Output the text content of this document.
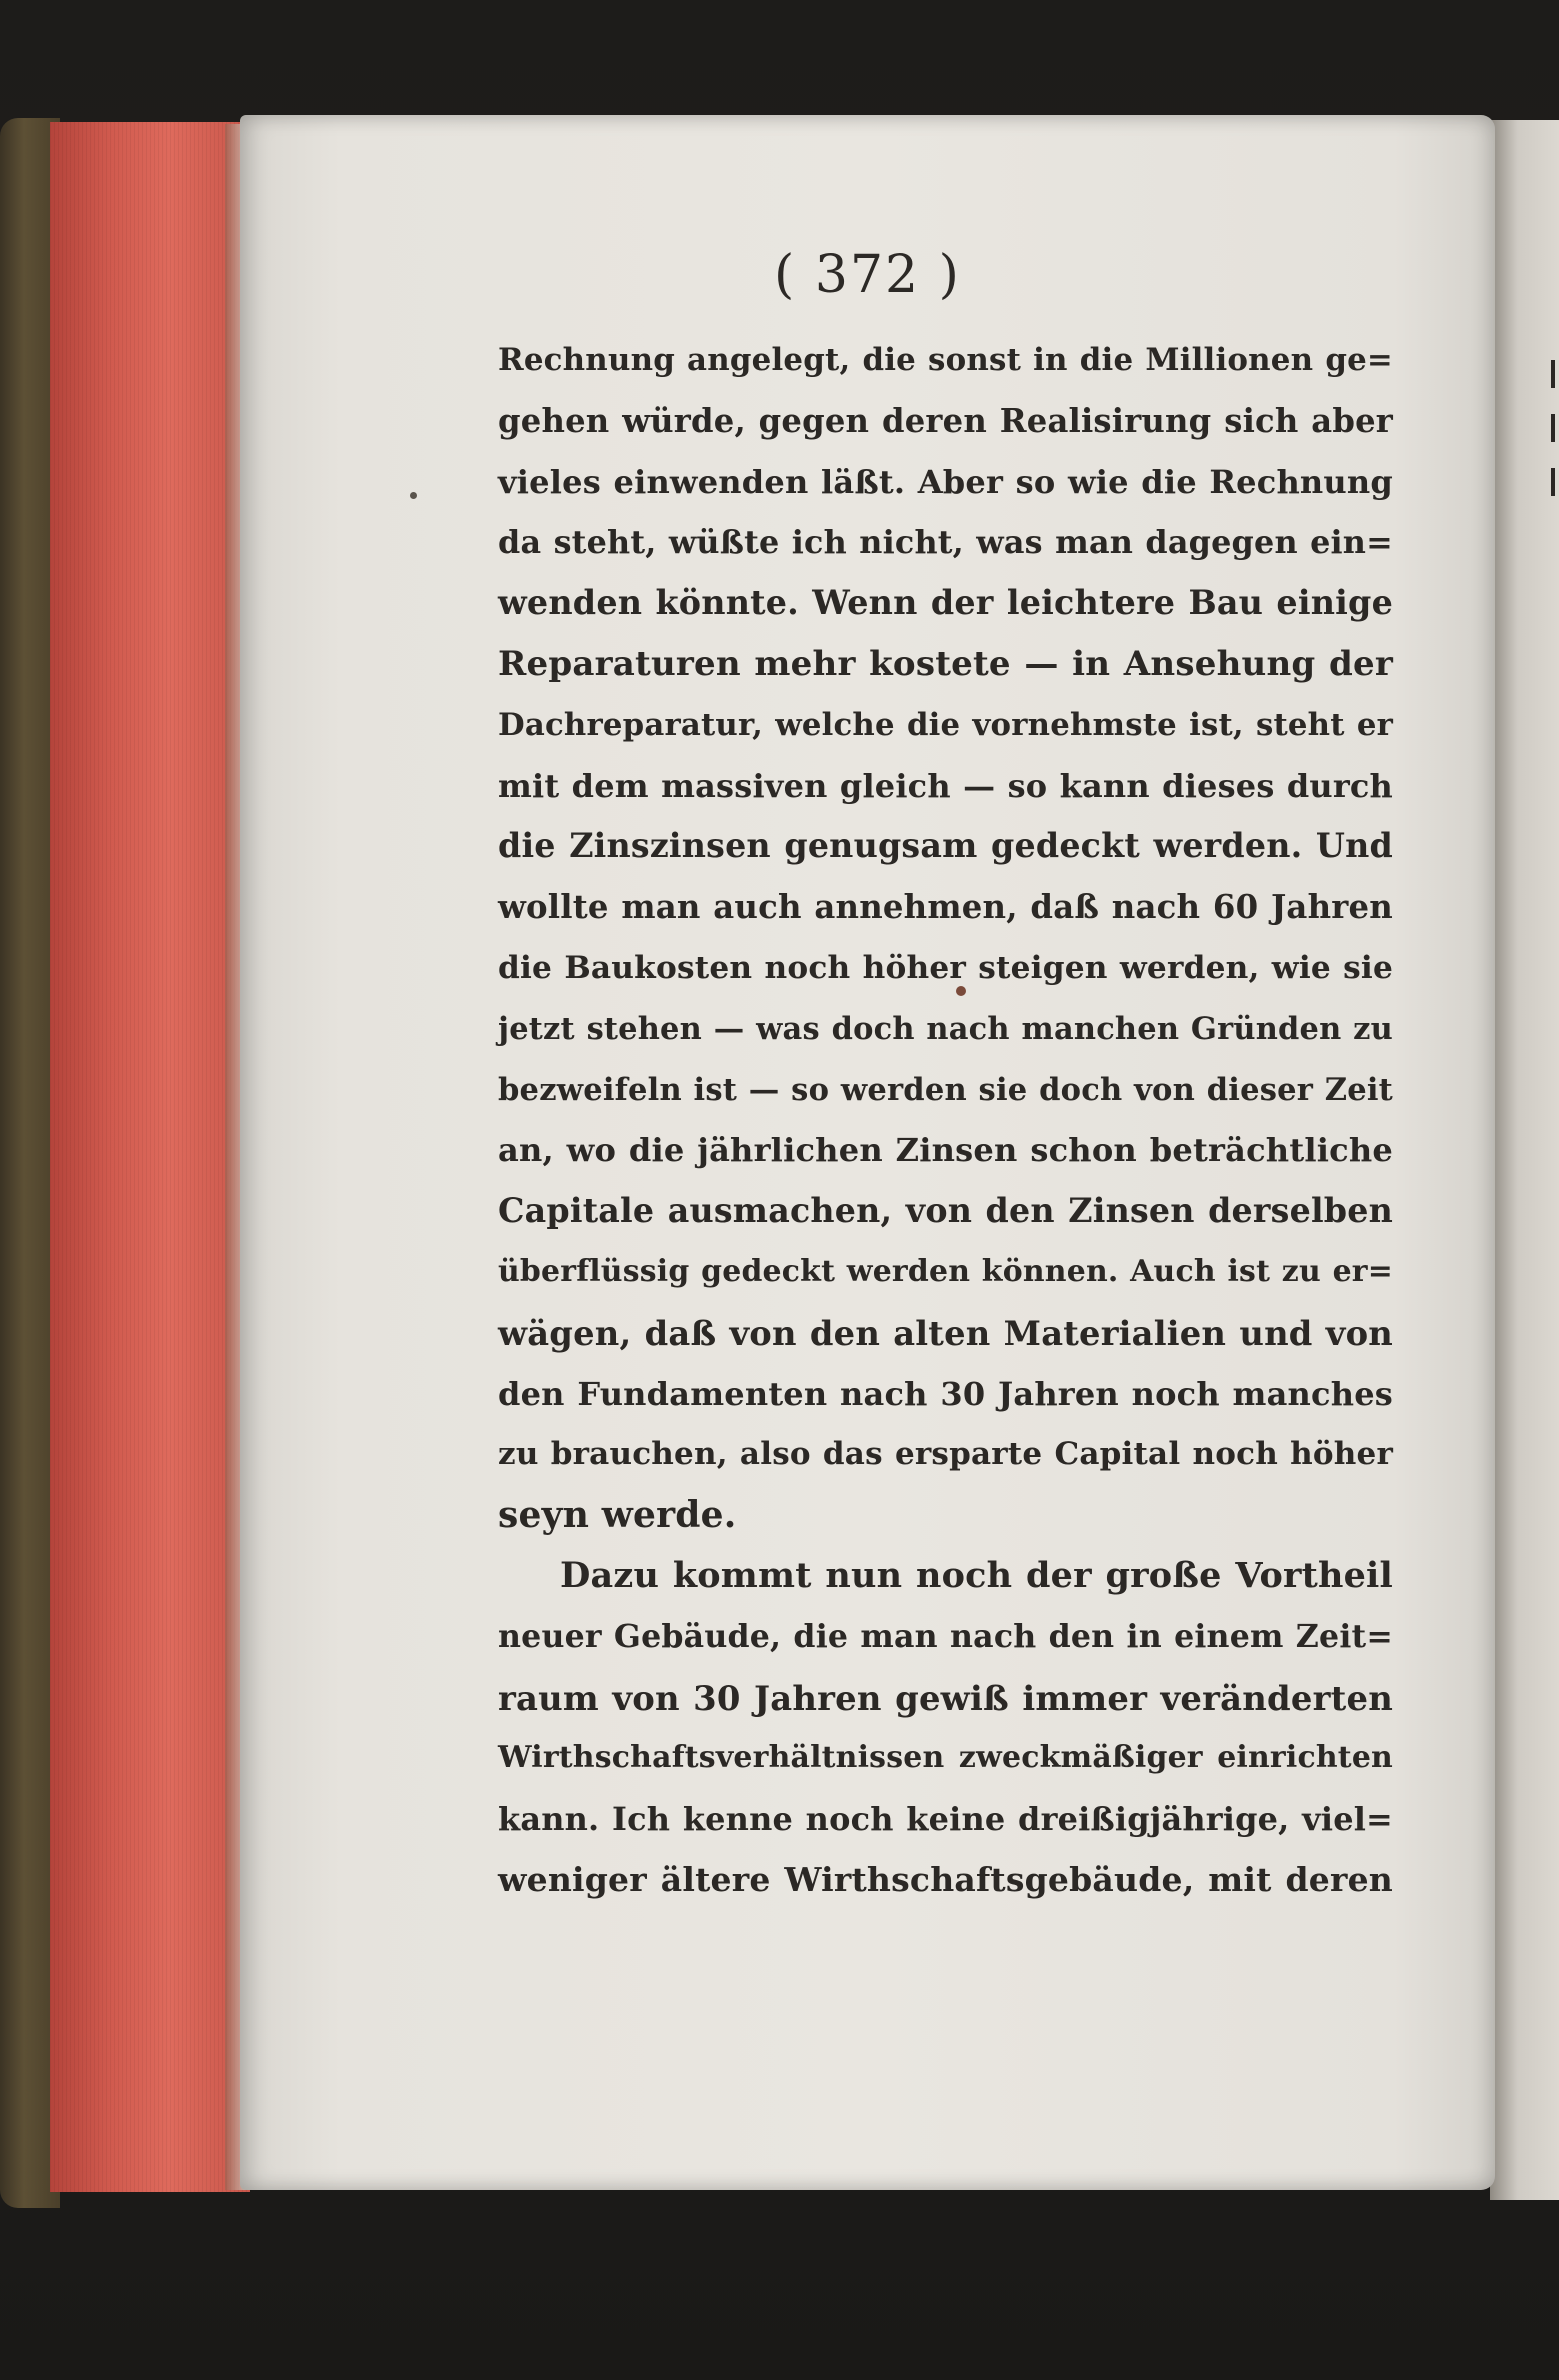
( 372 )
Rechnung angelegt, die sonst in die Millionen ge=
gehen würde, gegen deren Realisirung sich aber
vieles einwenden läßt. Aber so wie die Rechnung
da steht, wüßte ich nicht, was man dagegen ein=
wenden könnte. Wenn der leichtere Bau einige
Reparaturen mehr kostete — in Ansehung der
Dachreparatur, welche die vornehmste ist, steht er
mit dem massiven gleich — so kann dieses durch
die Zinszinsen genugsam gedeckt werden. Und
wollte man auch annehmen, daß nach 60 Jahren
die Baukosten noch höher steigen werden, wie sie
jetzt stehen — was doch nach manchen Gründen zu
bezweifeln ist — so werden sie doch von dieser Zeit
an, wo die jährlichen Zinsen schon beträchtliche
Capitale ausmachen, von den Zinsen derselben
überflüssig gedeckt werden können. Auch ist zu er=
wägen, daß von den alten Materialien und von
den Fundamenten nach 30 Jahren noch manches
zu brauchen, also das ersparte Capital noch höher
seyn werde.
Dazu kommt nun noch der große Vortheil
neuer Gebäude, die man nach den in einem Zeit=
raum von 30 Jahren gewiß immer veränderten
Wirthschaftsverhältnissen zweckmäßiger einrichten
kann. Ich kenne noch keine dreißigjährige, viel=
weniger ältere Wirthschaftsgebäude, mit deren
